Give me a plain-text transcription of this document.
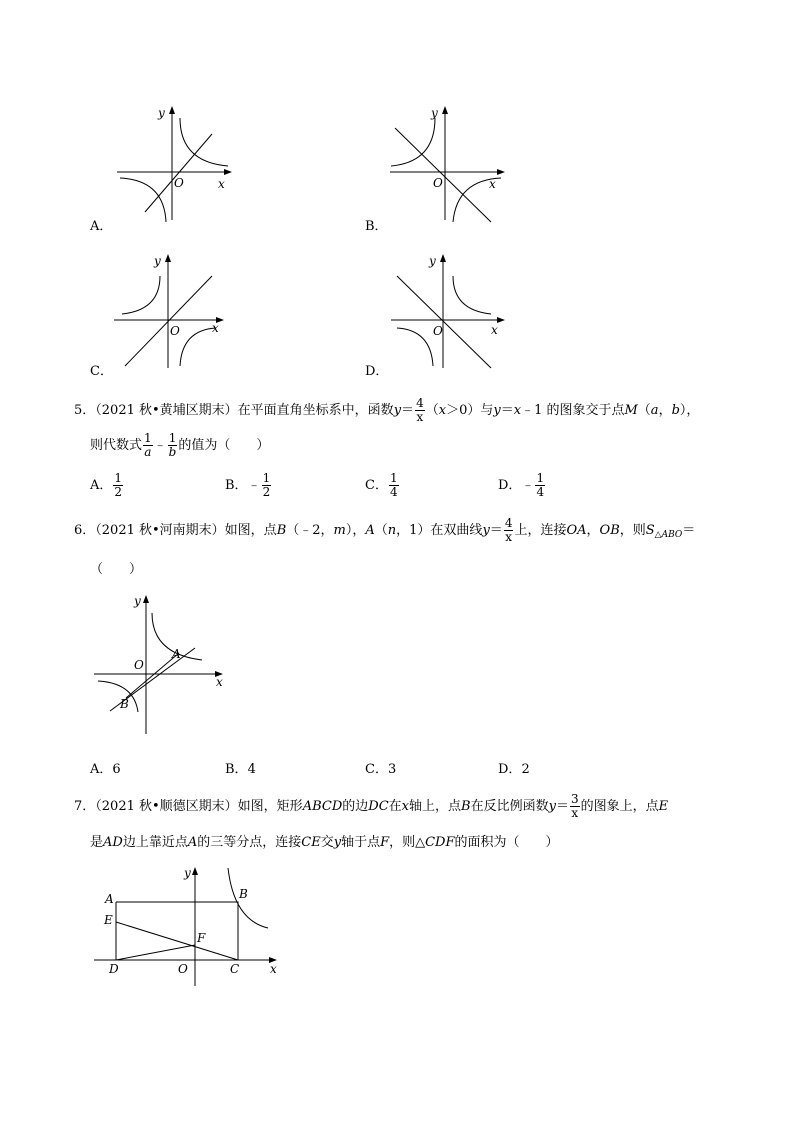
y
x
O
A．
y
x
O
B．
y
x
O
C．
y
x
O
D．
5．（2021 秋•黄埔区期末）在平面直角坐标系中，函数$y= \frac{4}{x} (x>0)$与y＝x﹣1 的图象交于点M（a，b），
则代数式 $\frac{1}{a}$ ﹣ $\frac{1}{b}$ 的值为（　　）
A． $\frac{1}{2}$	B．﹣ $\frac{1}{2}$	C． $\frac{1}{4}$	D．﹣ $\frac{1}{4}$
6．（2021 秋•河南期末）如图，点B（﹣2，m），A（n，1）在双曲线$y= \frac{4}{x}$ 上，连接OA，OB，则$S_{\triangle ABO}=$
（　　）
y
x
O
A
B
A．6	B．4	C．3	D．2
7．（2021 秋•顺德区期末）如图，矩形ABCD的边DC在x轴上，点B在反比例函数$y= \frac{3}{x}$ 的图象上，点E
是AD边上靠近点A的三等分点，连接CE交y轴于点F，则△CDF的面积为（　　）
y
x
O
A	B
C
D
E
F
